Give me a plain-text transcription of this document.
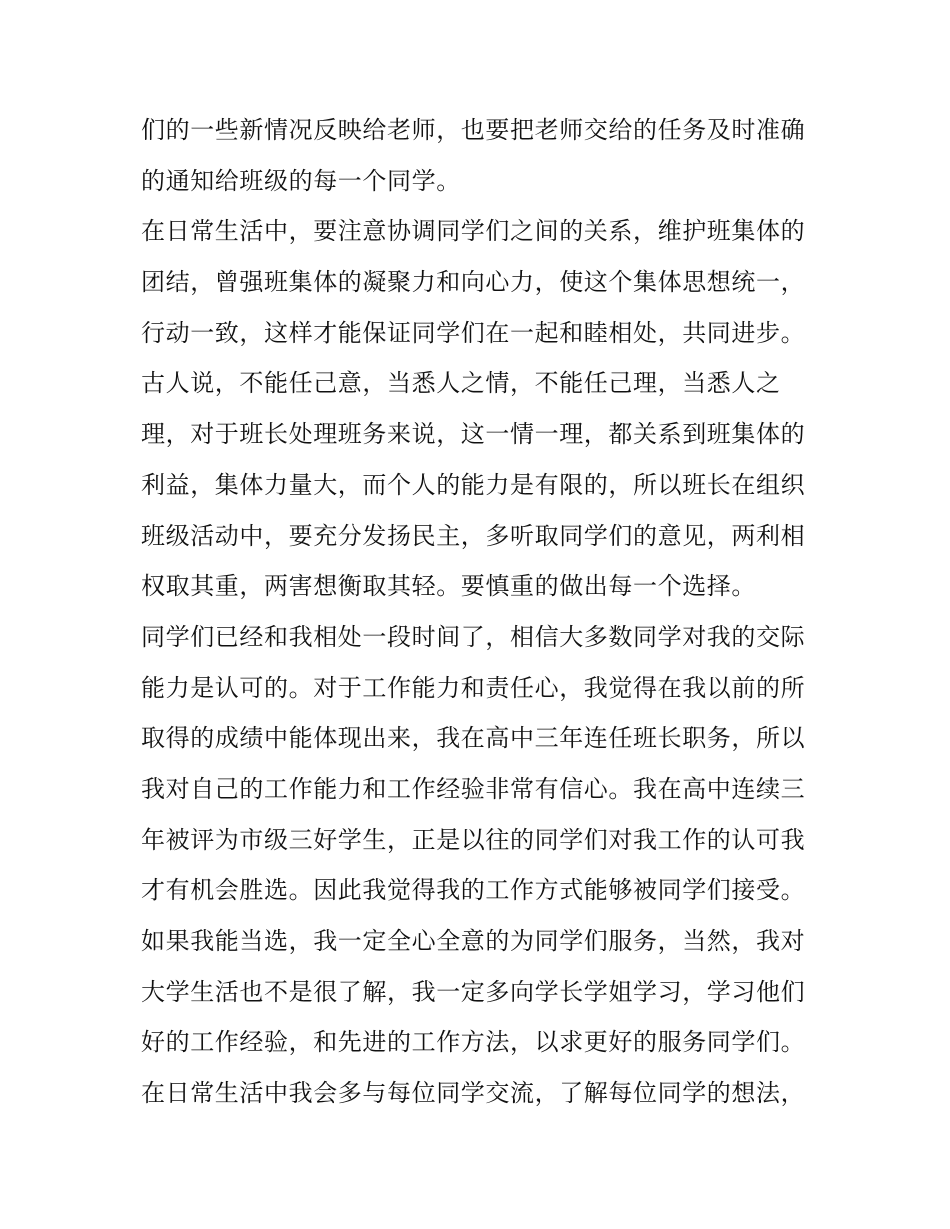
们的一些新情况反映给老师，也要把老师交给的任务及时准确
的通知给班级的每一个同学。
在日常生活中，要注意协调同学们之间的关系，维护班集体的
团结，曾强班集体的凝聚力和向心力，使这个集体思想统一，
行动一致，这样才能保证同学们在一起和睦相处，共同进步。
古人说，不能任己意，当悉人之情，不能任己理，当悉人之
理，对于班长处理班务来说，这一情一理，都关系到班集体的
利益，集体力量大，而个人的能力是有限的，所以班长在组织
班级活动中，要充分发扬民主，多听取同学们的意见，两利相
权取其重，两害想衡取其轻。要慎重的做出每一个选择。
同学们已经和我相处一段时间了，相信大多数同学对我的交际
能力是认可的。对于工作能力和责任心，我觉得在我以前的所
取得的成绩中能体现出来，我在高中三年连任班长职务，所以
我对自己的工作能力和工作经验非常有信心。我在高中连续三
年被评为市级三好学生，正是以往的同学们对我工作的认可我
才有机会胜选。因此我觉得我的工作方式能够被同学们接受。
如果我能当选，我一定全心全意的为同学们服务，当然，我对
大学生活也不是很了解，我一定多向学长学姐学习，学习他们
好的工作经验，和先进的工作方法，以求更好的服务同学们。
在日常生活中我会多与每位同学交流，了解每位同学的想法，
